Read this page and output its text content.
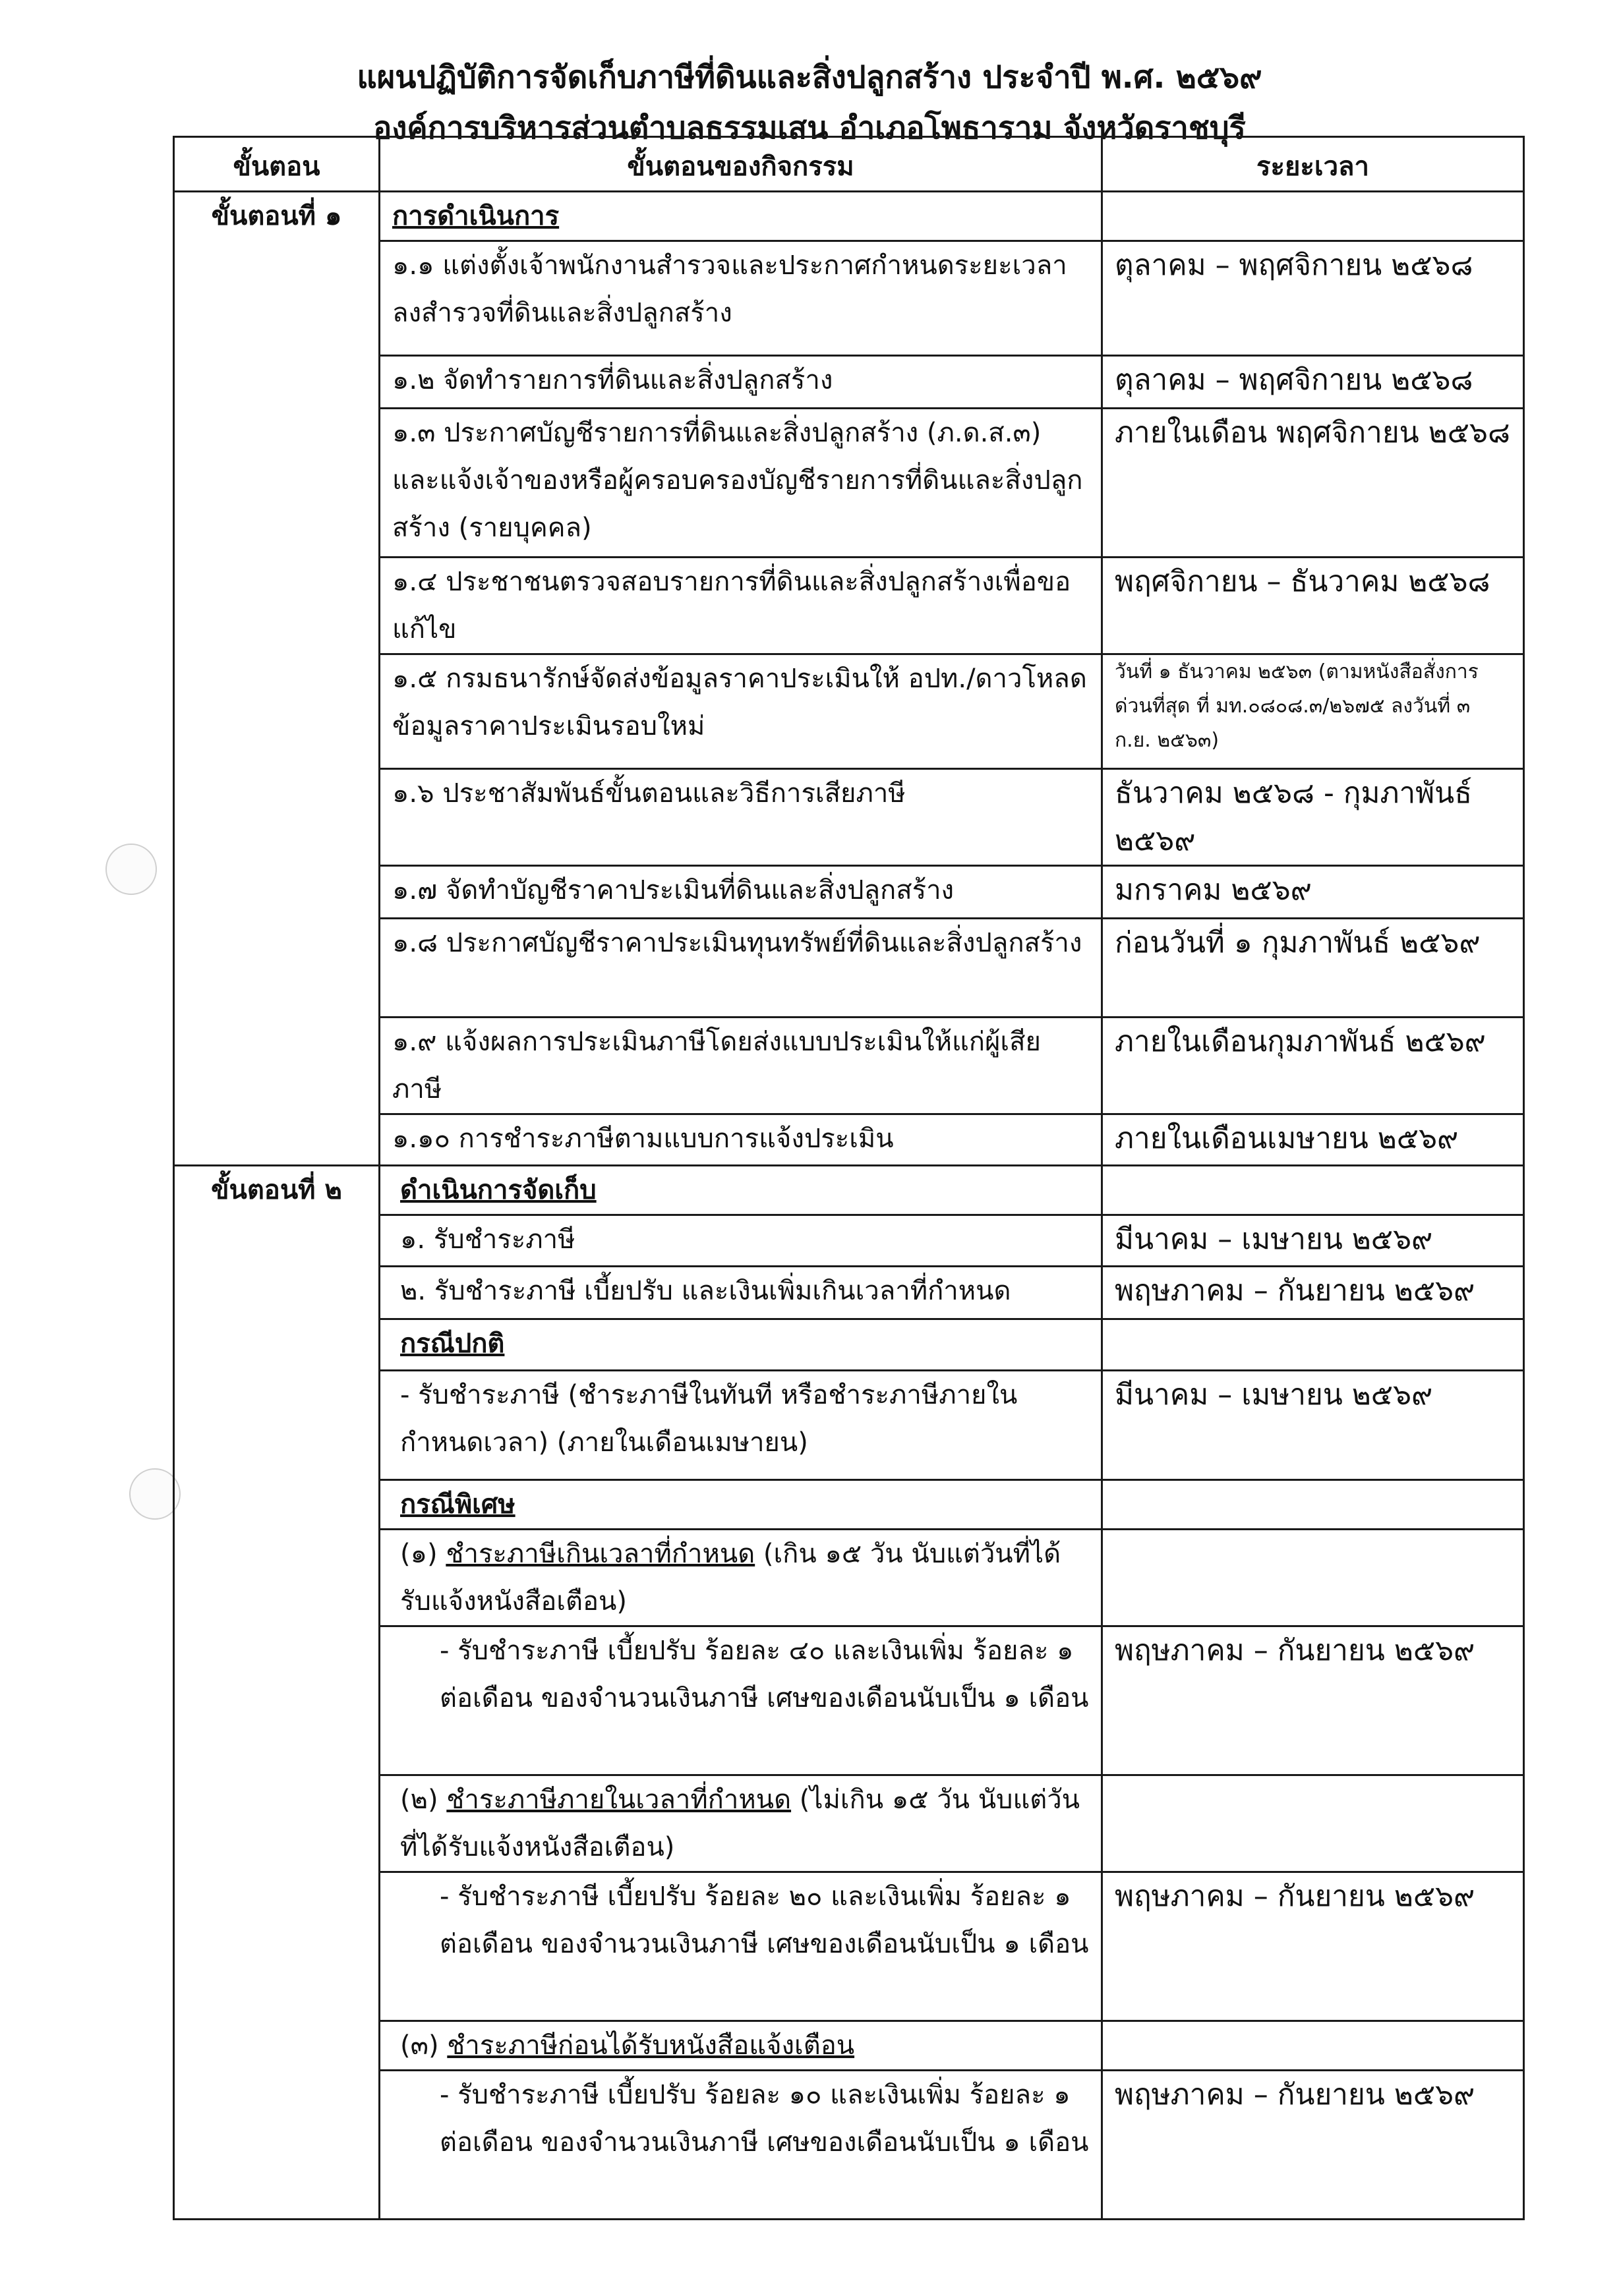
แผนปฏิบัติการจัดเก็บภาษีที่ดินและสิ่งปลูกสร้าง ประจำปี พ.ศ. ๒๕๖๙
องค์การบริหารส่วนตำบลธรรมเสน อำเภอโพธาราม จังหวัดราชบุรี
ขั้นตอน	ขั้นตอนของกิจกรรม	ระยะเวลา
ขั้นตอนที่ ๑	การดำเนินการ	
	๑.๑ แต่งตั้งเจ้าพนักงานสำรวจและประกาศกำหนดระยะเวลาลงสำรวจที่ดินและสิ่งปลูกสร้าง	ตุลาคม – พฤศจิกายน ๒๕๖๘
	๑.๒ จัดทำรายการที่ดินและสิ่งปลูกสร้าง	ตุลาคม – พฤศจิกายน ๒๕๖๘
	๑.๓ ประกาศบัญชีรายการที่ดินและสิ่งปลูกสร้าง (ภ.ด.ส.๓) และแจ้งเจ้าของหรือผู้ครอบครองบัญชีรายการที่ดินและสิ่งปลูกสร้าง (รายบุคคล)	ภายในเดือน พฤศจิกายน ๒๕๖๘
	๑.๔ ประชาชนตรวจสอบรายการที่ดินและสิ่งปลูกสร้างเพื่อขอแก้ไข	พฤศจิกายน – ธันวาคม ๒๕๖๘
	๑.๕ กรมธนารักษ์จัดส่งข้อมูลราคาประเมินให้ อปท./ดาวโหลดข้อมูลราคาประเมินรอบใหม่	วันที่ ๑ ธันวาคม ๒๕๖๓ (ตามหนังสือสั่งการด่วนที่สุด ที่ มท.๐๘๐๘.๓/๒๖๗๕ ลงวันที่ ๓ ก.ย. ๒๕๖๓)
	๑.๖ ประชาสัมพันธ์ขั้นตอนและวิธีการเสียภาษี	ธันวาคม ๒๕๖๘ - กุมภาพันธ์ ๒๕๖๙
	๑.๗ จัดทำบัญชีราคาประเมินที่ดินและสิ่งปลูกสร้าง	มกราคม ๒๕๖๙
	๑.๘ ประกาศบัญชีราคาประเมินทุนทรัพย์ที่ดินและสิ่งปลูกสร้าง	ก่อนวันที่ ๑ กุมภาพันธ์ ๒๕๖๙
	๑.๙ แจ้งผลการประเมินภาษีโดยส่งแบบประเมินให้แก่ผู้เสียภาษี	ภายในเดือนกุมภาพันธ์ ๒๕๖๙
	๑.๑๐ การชำระภาษีตามแบบการแจ้งประเมิน	ภายในเดือนเมษายน ๒๕๖๙
ขั้นตอนที่ ๒	ดำเนินการจัดเก็บ	
	๑. รับชำระภาษี	มีนาคม – เมษายน ๒๕๖๙
	๒. รับชำระภาษี เบี้ยปรับ และเงินเพิ่มเกินเวลาที่กำหนด	พฤษภาคม – กันยายน ๒๕๖๙
	กรณีปกติ	
	- รับชำระภาษี (ชำระภาษีในทันที หรือชำระภาษีภายในกำหนดเวลา) (ภายในเดือนเมษายน)	มีนาคม – เมษายน ๒๕๖๙
	กรณีพิเศษ	
	(๑) ชำระภาษีเกินเวลาที่กำหนด (เกิน ๑๕ วัน นับแต่วันที่ได้รับแจ้งหนังสือเตือน)	
	- รับชำระภาษี เบี้ยปรับ ร้อยละ ๔๐ และเงินเพิ่ม ร้อยละ ๑ ต่อเดือน ของจำนวนเงินภาษี เศษของเดือนนับเป็น ๑ เดือน	พฤษภาคม – กันยายน ๒๕๖๙
	(๒) ชำระภาษีภายในเวลาที่กำหนด (ไม่เกิน ๑๕ วัน นับแต่วันที่ได้รับแจ้งหนังสือเตือน)	
	- รับชำระภาษี เบี้ยปรับ ร้อยละ ๒๐ และเงินเพิ่ม ร้อยละ ๑ ต่อเดือน ของจำนวนเงินภาษี เศษของเดือนนับเป็น ๑ เดือน	พฤษภาคม – กันยายน ๒๕๖๙
	(๓) ชำระภาษีก่อนได้รับหนังสือแจ้งเตือน	
	- รับชำระภาษี เบี้ยปรับ ร้อยละ ๑๐ และเงินเพิ่ม ร้อยละ ๑ ต่อเดือน ของจำนวนเงินภาษี เศษของเดือนนับเป็น ๑ เดือน	พฤษภาคม – กันยายน ๒๕๖๙
